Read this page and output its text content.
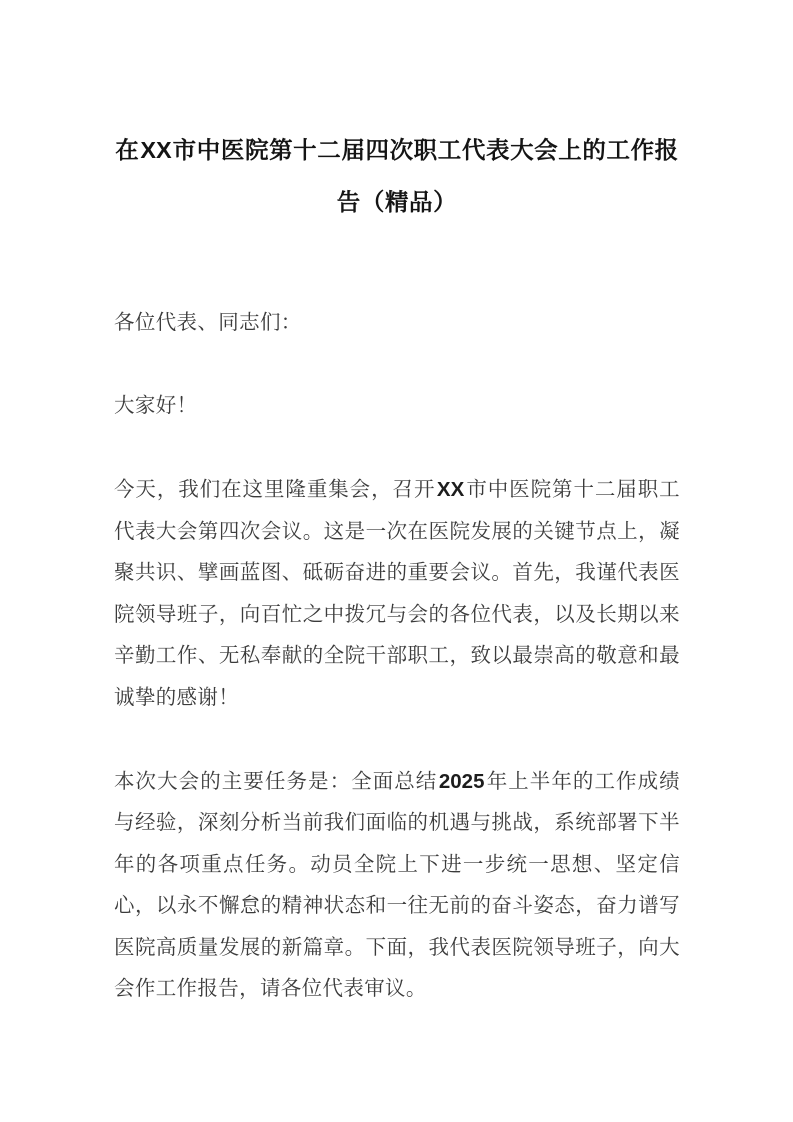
在XX市中医院第十二届四次职工代表大会上的工作报告（精品）

各位代表、同志们：

大家好！

今天，我们在这里隆重集会，召开XX市中医院第十二届职工代表大会第四次会议。这是一次在医院发展的关键节点上，凝聚共识、擘画蓝图、砥砺奋进的重要会议。首先，我谨代表医院领导班子，向百忙之中拨冗与会的各位代表，以及长期以来辛勤工作、无私奉献的全院干部职工，致以最崇高的敬意和最诚挚的感谢！

本次大会的主要任务是：全面总结2025年上半年的工作成绩与经验，深刻分析当前我们面临的机遇与挑战，系统部署下半年的各项重点任务。动员全院上下进一步统一思想、坚定信心，以永不懈怠的精神状态和一往无前的奋斗姿态，奋力谱写医院高质量发展的新篇章。下面，我代表医院领导班子，向大会作工作报告，请各位代表审议。
